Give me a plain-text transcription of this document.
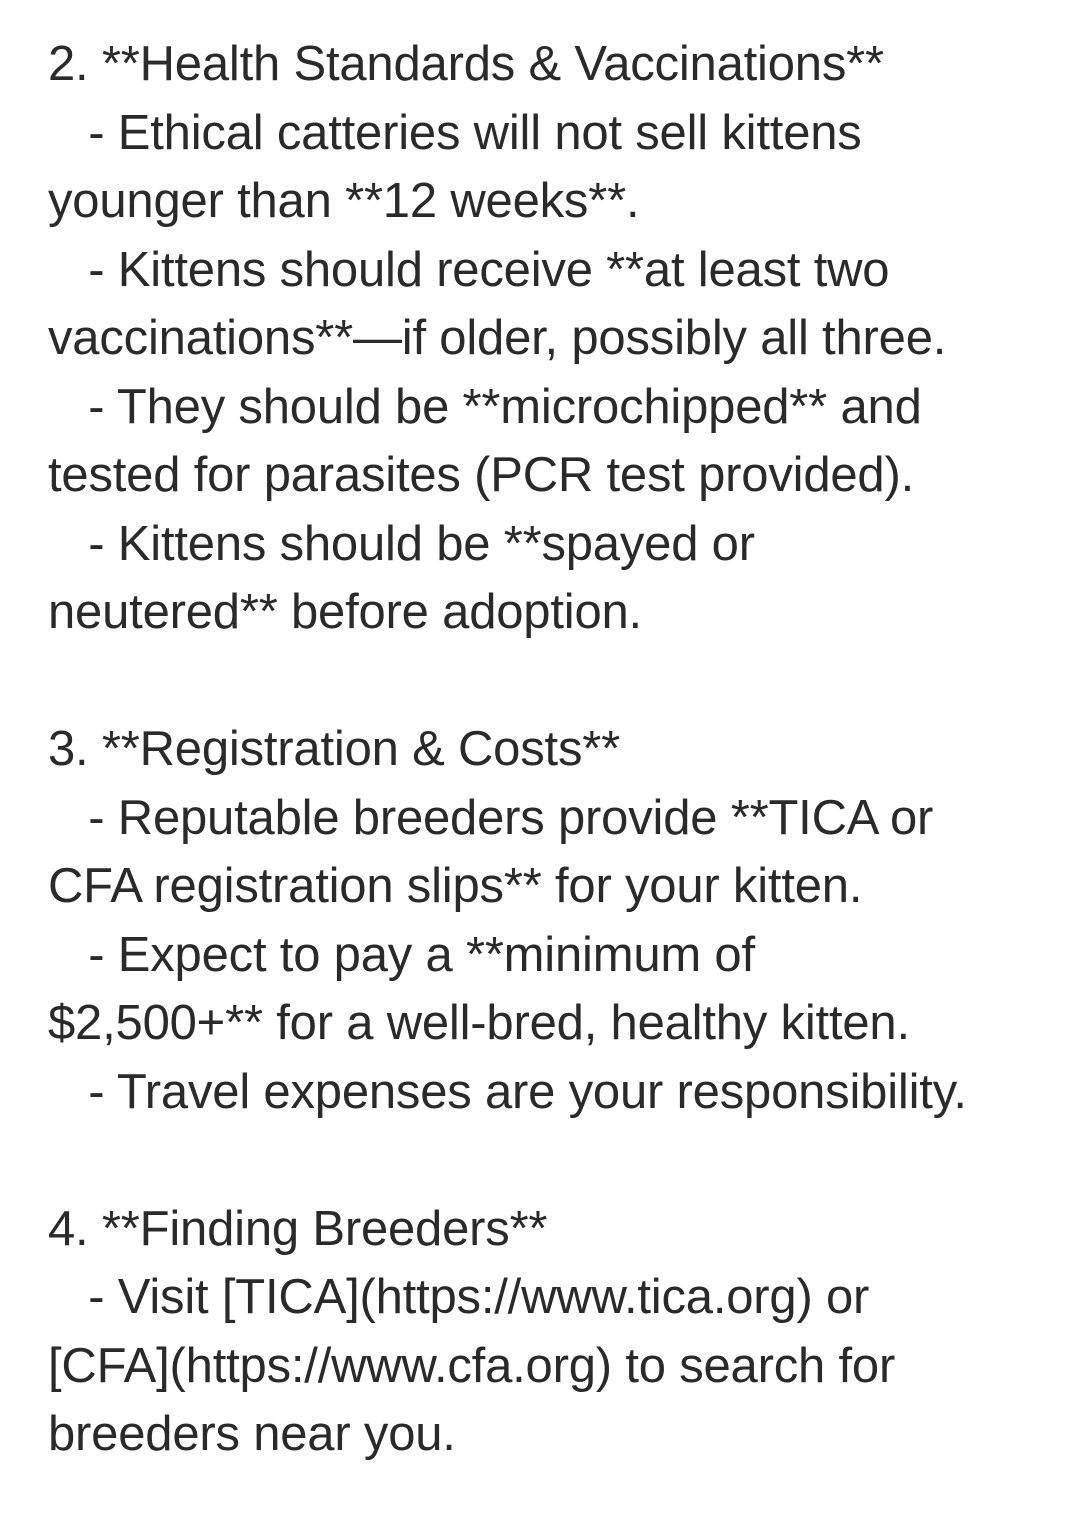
2. **Health Standards & Vaccinations**
- Ethical catteries will not sell kittens
younger than **12 weeks**.
- Kittens should receive **at least two
vaccinations**—if older, possibly all three.
- They should be **microchipped** and
tested for parasites (PCR test provided).
- Kittens should be **spayed or
neutered** before adoption.
3. **Registration & Costs**
- Reputable breeders provide **TICA or
CFA registration slips** for your kitten.
- Expect to pay a **minimum of
$2,500+** for a well-bred, healthy kitten.
- Travel expenses are your responsibility.
4. **Finding Breeders**
- Visit [TICA](https://www.tica.org) or
[CFA](https://www.cfa.org) to search for
breeders near you.
